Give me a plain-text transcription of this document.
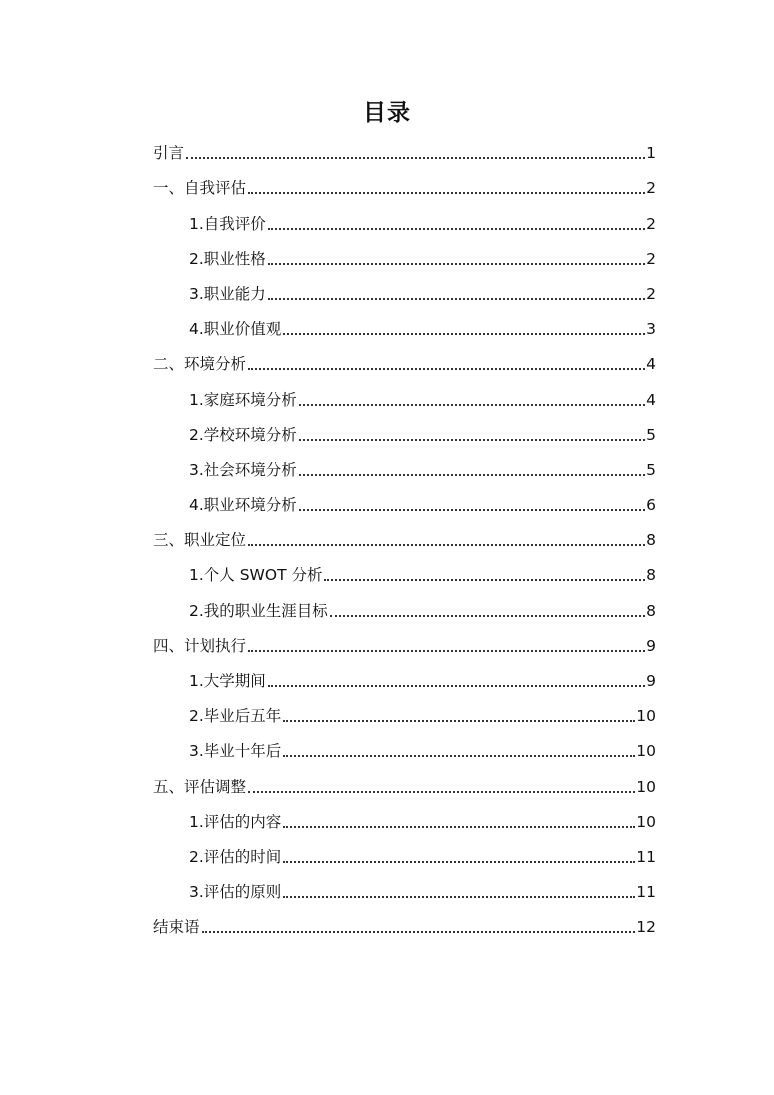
目录
引言	1
一、自我评估	2
1.自我评价	2
2.职业性格	2
3.职业能力	2
4.职业价值观	3
二、环境分析	4
1.家庭环境分析	4
2.学校环境分析	5
3.社会环境分析	5
4.职业环境分析	6
三、职业定位	8
1.个人 SWOT 分析	8
2.我的职业生涯目标	8
四、计划执行	9
1.大学期间	9
2.毕业后五年	10
3.毕业十年后	10
五、评估调整	10
1.评估的内容	10
2.评估的时间	11
3.评估的原则	11
结束语	12
